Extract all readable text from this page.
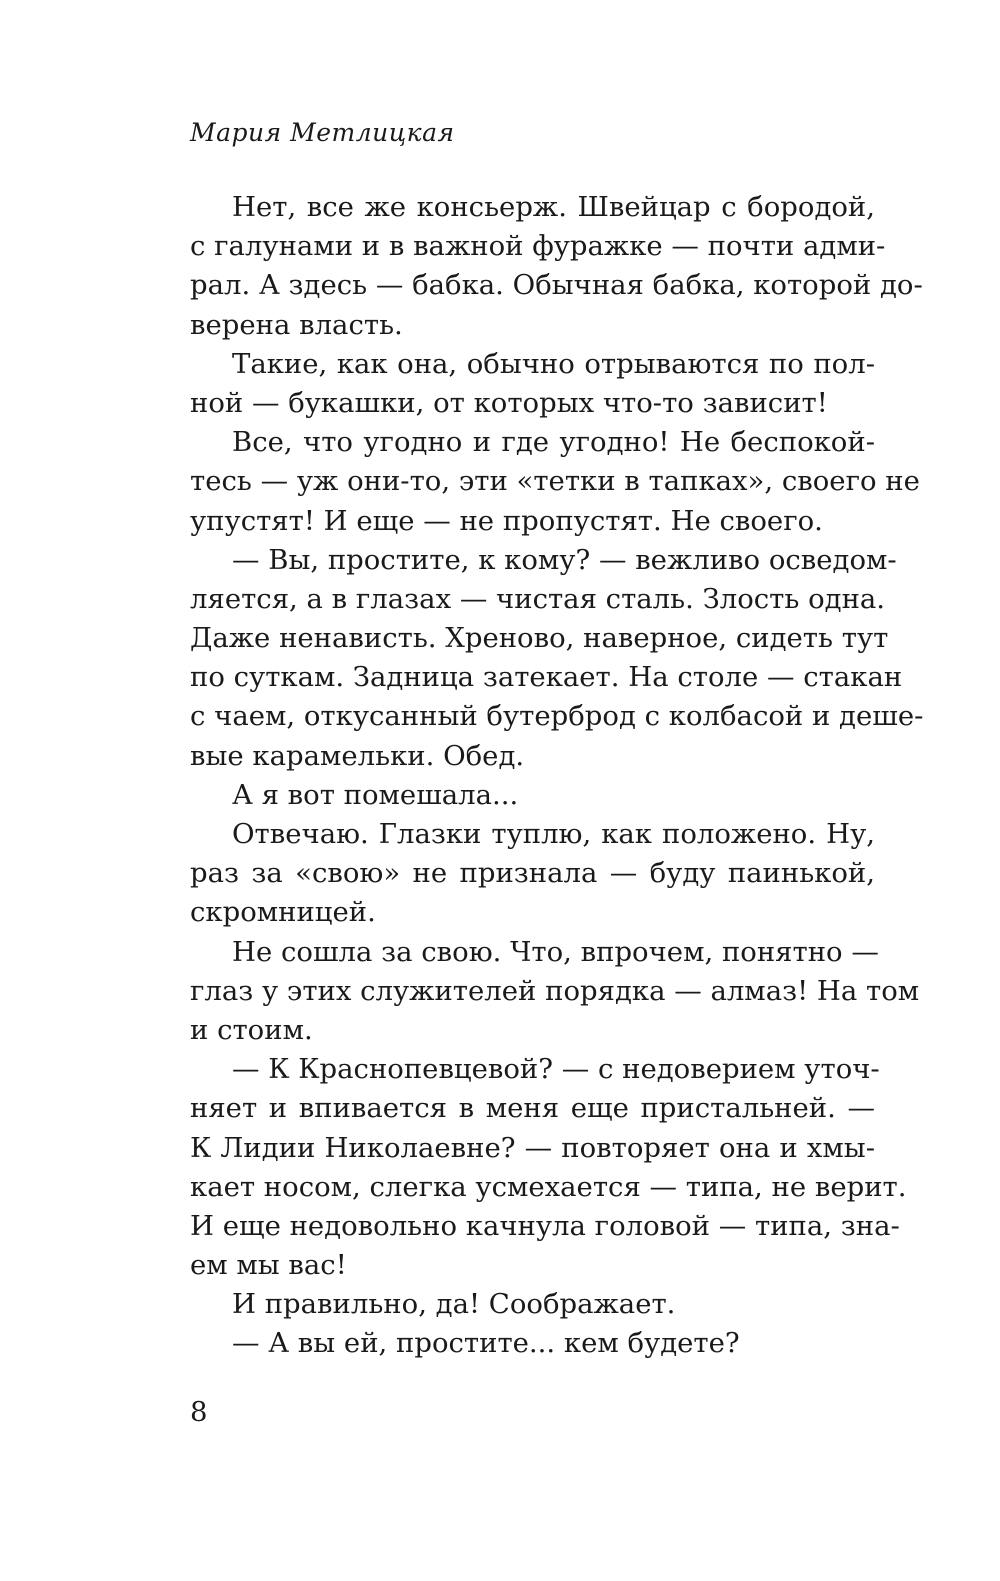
Мария Метлицкая
Нет, все же консьерж. Швейцар с бородой,
с галунами и в важной фуражке — почти адми-
рал. А здесь — бабка. Обычная бабка, которой до-
верена власть.
Такие, как она, обычно отрываются по пол-
ной — букашки, от которых что-то зависит!
Все, что угодно и где угодно! Не беспокой-
тесь — уж они-то, эти «тетки в тапках», своего не
упустят! И еще — не пропустят. Не своего.
— Вы, простите, к кому? — вежливо осведом-
ляется, а в глазах — чистая сталь. Злость одна.
Даже ненависть. Хреново, наверное, сидеть тут
по суткам. Задница затекает. На столе — стакан
с чаем, откусанный бутерброд с колбасой и деше-
вые карамельки. Обед.
А я вот помешала...
Отвечаю. Глазки туплю, как положено. Ну,
раз за «свою» не признала — буду паинькой,
скромницей.
Не сошла за свою. Что, впрочем, понятно —
глаз у этих служителей порядка — алмаз! На том
и стоим.
— К Краснопевцевой? — с недоверием уточ-
няет и впивается в меня еще пристальней. —
К Лидии Николаевне? — повторяет она и хмы-
кает носом, слегка усмехается — типа, не верит.
И еще недовольно качнула головой — типа, зна-
ем мы вас!
И правильно, да! Соображает.
— А вы ей, простите... кем будете?
8
